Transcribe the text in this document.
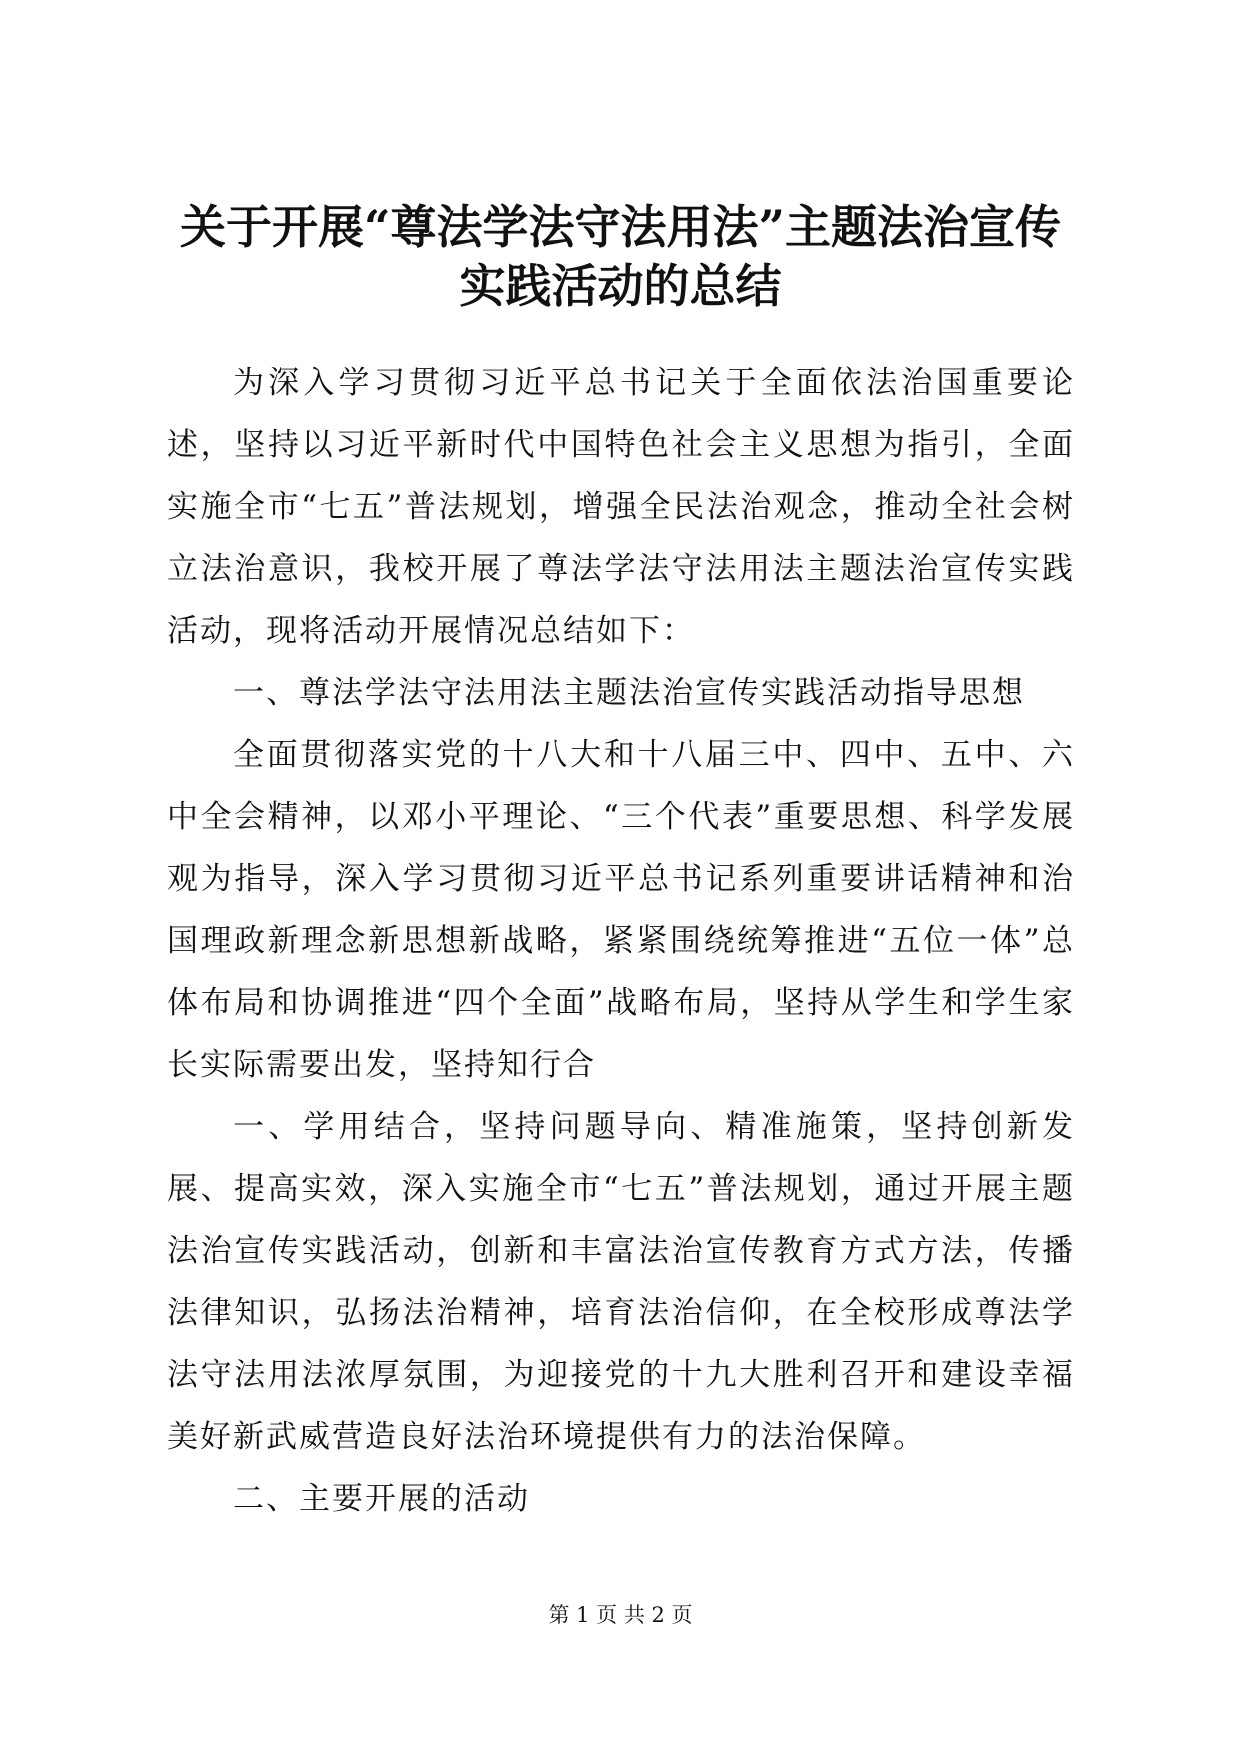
关于开展“尊法学法守法用法”主题法治宣传
实践活动的总结

为深入学习贯彻习近平总书记关于全面依法治国重要论述，坚持以习近平新时代中国特色社会主义思想为指引，全面实施全市“七五”普法规划，增强全民法治观念，推动全社会树立法治意识，我校开展了尊法学法守法用法主题法治宣传实践活动，现将活动开展情况总结如下：

一、尊法学法守法用法主题法治宣传实践活动指导思想

全面贯彻落实党的十八大和十八届三中、四中、五中、六中全会精神，以邓小平理论、“三个代表”重要思想、科学发展观为指导，深入学习贯彻习近平总书记系列重要讲话精神和治国理政新理念新思想新战略，紧紧围绕统筹推进“五位一体”总体布局和协调推进“四个全面”战略布局，坚持从学生和学生家长实际需要出发，坚持知行合

一、学用结合，坚持问题导向、精准施策，坚持创新发展、提高实效，深入实施全市“七五”普法规划，通过开展主题法治宣传实践活动，创新和丰富法治宣传教育方式方法，传播法律知识，弘扬法治精神，培育法治信仰，在全校形成尊法学法守法用法浓厚氛围，为迎接党的十九大胜利召开和建设幸福美好新武威营造良好法治环境提供有力的法治保障。

二、主要开展的活动

第 1 页 共 2 页
